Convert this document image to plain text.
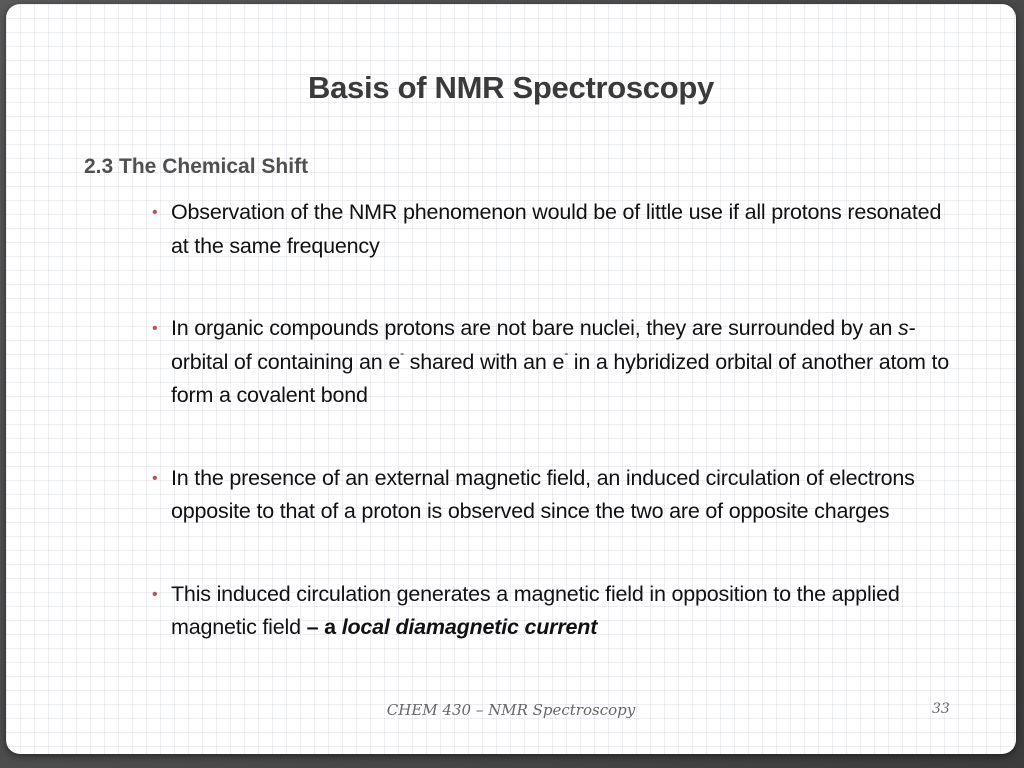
Basis of NMR Spectroscopy
2.3 The Chemical Shift
• Observation of the NMR phenomenon would be of little use if all protons resonated at the same frequency
• In organic compounds protons are not bare nuclei, they are surrounded by an s-orbital of containing an e- shared with an e- in a hybridized orbital of another atom to form a covalent bond
• In the presence of an external magnetic field, an induced circulation of electrons opposite to that of a proton is observed since the two are of opposite charges
• This induced circulation generates a magnetic field in opposition to the applied magnetic field – a local diamagnetic current
CHEM 430 – NMR Spectroscopy	33
